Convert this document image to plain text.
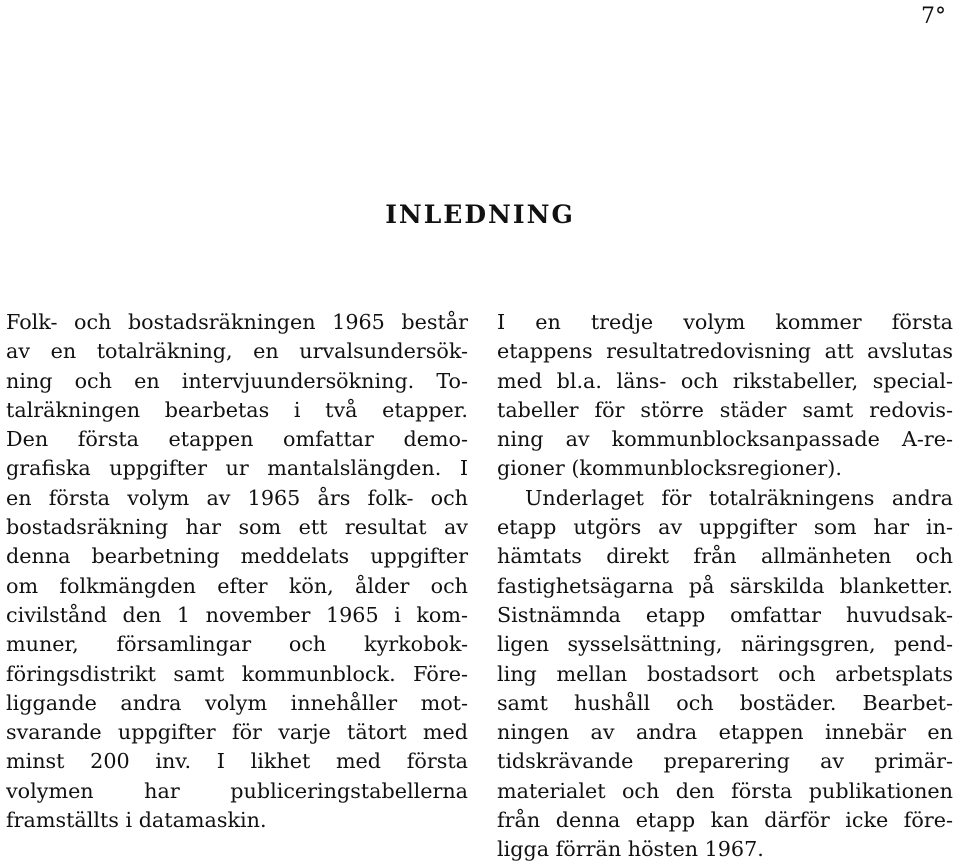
7°
INLEDNING
Folk- och bostadsräkningen 1965 består
av en totalräkning, en urvalsundersök-
ning och en intervjuundersökning. To-
talräkningen bearbetas i två etapper.
Den första etappen omfattar demo-
grafiska uppgifter ur mantalslängden. I
en första volym av 1965 års folk- och
bostadsräkning har som ett resultat av
denna bearbetning meddelats uppgifter
om folkmängden efter kön, ålder och
civilstånd den 1 november 1965 i kom-
muner, församlingar och kyrkobok-
föringsdistrikt samt kommunblock. Före-
liggande andra volym innehåller mot-
svarande uppgifter för varje tätort med
minst 200 inv. I likhet med första
volymen har publiceringstabellerna
framställts i datamaskin.
I en tredje volym kommer första
etappens resultatredovisning att avslutas
med bl.a. läns- och rikstabeller, special-
tabeller för större städer samt redovis-
ning av kommunblocksanpassade A-re-
gioner (kommunblocksregioner).
Underlaget för totalräkningens andra
etapp utgörs av uppgifter som har in-
hämtats direkt från allmänheten och
fastighetsägarna på särskilda blanketter.
Sistnämnda etapp omfattar huvudsak-
ligen sysselsättning, näringsgren, pend-
ling mellan bostadsort och arbetsplats
samt hushåll och bostäder. Bearbet-
ningen av andra etappen innebär en
tidskrävande preparering av primär-
materialet och den första publikationen
från denna etapp kan därför icke före-
ligga förrän hösten 1967.
